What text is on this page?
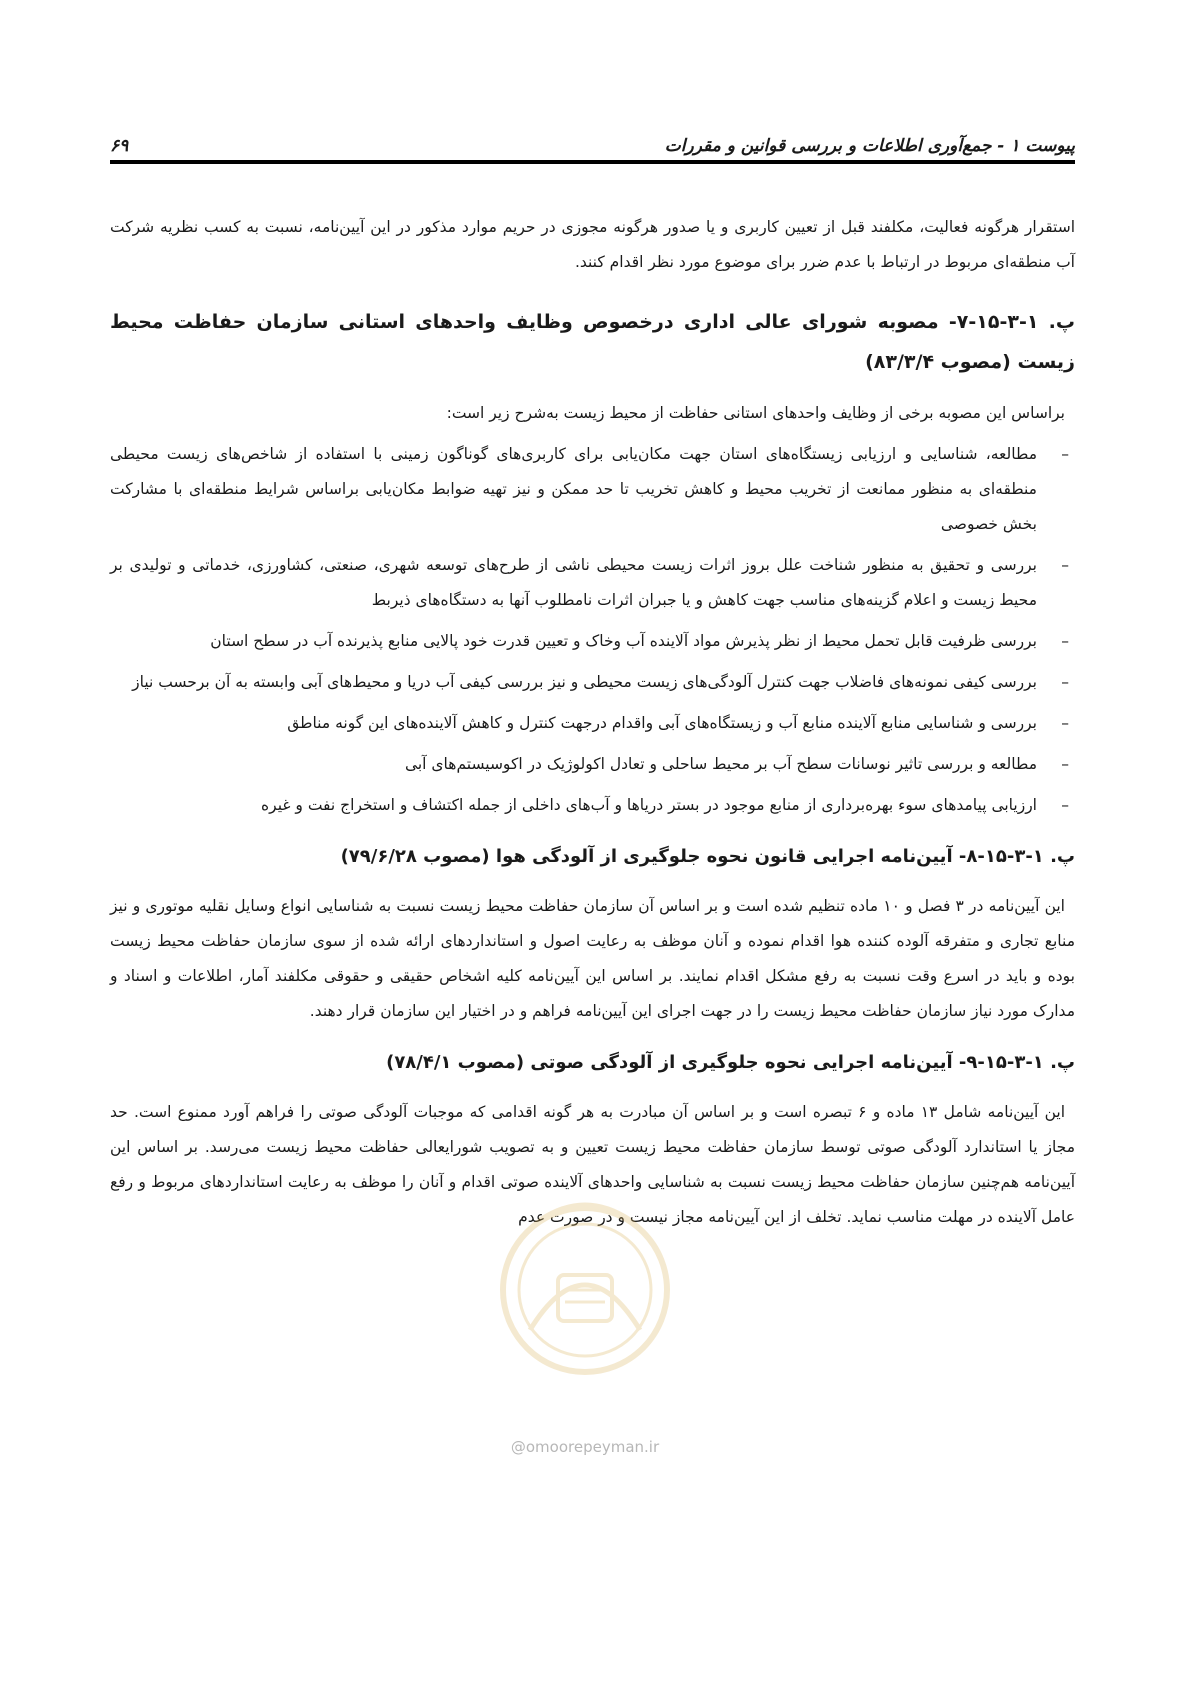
پیوست ۱ - جمع‌آوری اطلاعات و بررسی قوانین و مقررات
۶۹

استقرار هرگونه فعالیت، مکلفند قبل از تعیین کاربری و یا صدور هرگونه مجوزی در حریم موارد مذکور در این آیین‌نامه، نسبت به کسب نظریه شرکت آب منطقه‌ای مربوط در ارتباط با عدم ضرر برای موضوع مورد نظر اقدام کنند.

پ. ۱-۳-۱۵-۷- مصوبه شورای عالی اداری درخصوص وظایف واحدهای استانی سازمان حفاظت محیط زیست (مصوب ۸۳/۳/۴)

براساس این مصوبه برخی از وظایف واحدهای استانی حفاظت از محیط زیست به‌شرح زیر است:

–
مطالعه، شناسایی و ارزیابی زیستگاه‌های استان جهت مکان‌یابی برای کاربری‌های گوناگون زمینی با استفاده از شاخص‌های زیست محیطی منطقه‌ای به منظور ممانعت از تخریب محیط و کاهش تخریب تا حد ممکن و نیز تهیه ضوابط مکان‌یابی براساس شرایط منطقه‌ای با مشارکت بخش خصوصی
–
بررسی و تحقیق به منظور شناخت علل بروز اثرات زیست محیطی ناشی از طرح‌های توسعه شهری، صنعتی، کشاورزی، خدماتی و تولیدی بر محیط زیست و اعلام گزینه‌های مناسب جهت کاهش و یا جبران اثرات نامطلوب آنها به دستگاه‌های ذیربط
–
بررسی ظرفیت قابل تحمل محیط از نظر پذیرش مواد آلاینده آب وخاک و تعیین قدرت خود پالایی منابع پذیرنده آب در سطح استان
–
بررسی کیفی نمونه‌های فاضلاب جهت کنترل آلودگی‌های زیست محیطی و نیز بررسی کیفی آب دریا و محیط‌های آبی وابسته به آن برحسب نیاز
–
بررسی و شناسایی منابع آلاینده منابع آب و زیستگاه‌های آبی واقدام درجهت کنترل و کاهش آلاینده‌های این گونه مناطق
–
مطالعه و بررسی تاثیر نوسانات سطح آب بر محیط ساحلی و تعادل اکولوژیک در اکوسیستم‌های آبی
–
ارزیابی پیامدهای سوء بهره‌برداری از منابع موجود در بستر دریاها و آب‌های داخلی از جمله اکتشاف و استخراج نفت و غیره
پ. ۱-۳-۱۵-۸- آیین‌نامه اجرایی قانون نحوه جلوگیری از آلودگی هوا (مصوب ۷۹/۶/۲۸)

این آیین‌نامه در ۳ فصل و ۱۰ ماده تنظیم شده است و بر اساس آن سازمان حفاظت محیط زیست نسبت به شناسایی انواع وسایل نقلیه موتوری و نیز منابع تجاری و متفرقه آلوده کننده هوا اقدام نموده و آنان موظف به رعایت اصول و استانداردهای ارائه شده از سوی سازمان حفاظت محیط زیست بوده و باید در اسرع وقت نسبت به رفع مشکل اقدام نمایند. بر اساس این آیین‌نامه کلیه اشخاص حقیقی و حقوقی مکلفند آمار، اطلاعات و اسناد و مدارک مورد نیاز سازمان حفاظت محیط زیست را در جهت اجرای این آیین‌نامه فراهم و در اختیار این سازمان قرار دهند.

پ. ۱-۳-۱۵-۹- آیین‌نامه اجرایی نحوه جلوگیری از آلودگی صوتی (مصوب ۷۸/۴/۱)

این آیین‌نامه شامل ۱۳ ماده و ۶ تبصره است و بر اساس آن مبادرت به هر گونه اقدامی که موجبات آلودگی صوتی را فراهم آورد ممنوع است. حد مجاز یا استاندارد آلودگی صوتی توسط سازمان حفاظت محیط زیست تعیین و به تصویب شورایعالی حفاظت محیط زیست می‌رسد. بر اساس این آیین‌نامه هم‌چنین سازمان حفاظت محیط زیست نسبت به شناسایی واحدهای آلاینده صوتی اقدام و آنان را موظف به رعایت استانداردهای مربوط و رفع عامل آلاینده در مهلت مناسب نماید. تخلف از این آیین‌نامه مجاز نیست و در صورت عدم

@omoorepeyman.ir
